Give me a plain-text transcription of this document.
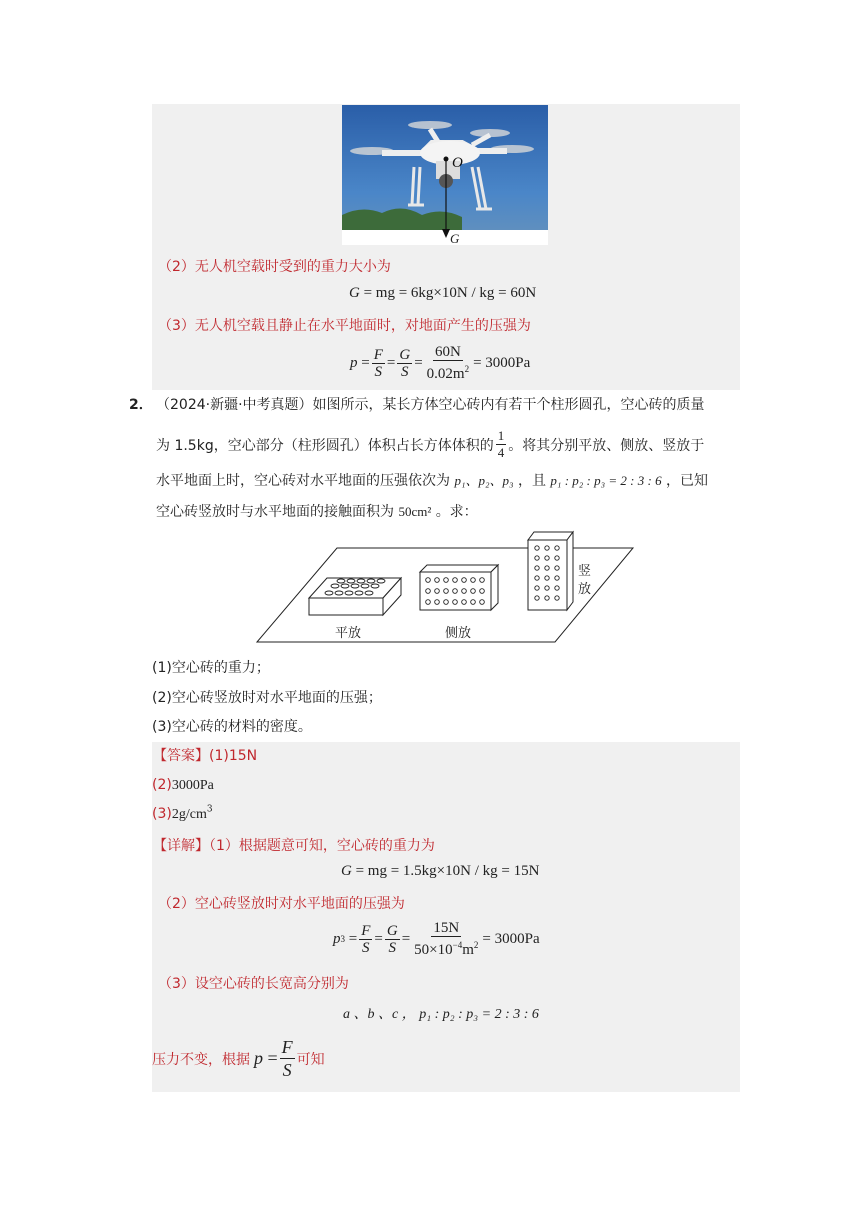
O
G
（2）无人机空载时受到的重力大小为
G = mg = 6kg×10N / kg = 60N
（3）无人机空载且静止在水平地面时，对地面产生的压强为
$p = \frac{F}{S} = \frac{G}{S} = \frac{60N}{0.02m^2} = 3000Pa$
2． （2024·新疆·中考真题）如图所示，某长方体空心砖内有若干个柱形圆孔，空心砖的质量
为 1.5kg，空心部分（柱形圆孔）体积占长方体体积的 $\frac{1}{4}$ 。将其分别平放、侧放、竖放于
水平地面上时，空心砖对水平地面的压强依次为 p₁、p₂、p₃ ，且 p₁ : p₂ : p₃ = 2 : 3 : 6 ，已知
空心砖竖放时与水平地面的接触面积为 50cm² 。求：
平放	侧放
竖
放
(1)空心砖的重力；
(2)空心砖竖放时对水平地面的压强；
(3)空心砖的材料的密度。
【答案】(1)15N
(2)3000Pa
$(3)2g/cm^3$
【详解】（1）根据题意可知，空心砖的重力为
G = mg = 1.5kg×10N / kg = 15N
（2）空心砖竖放时对水平地面的压强为
p $3 = \frac{F}{S} = \frac{G}{S} = \frac{15N}{50\times 10^{-4}m^2} = 3000Pa$
（3）设空心砖的长宽高分别为
a 、b 、c ， p₁ : p₂ : p₃ = 2 : 3 : 6
压力不变，根据 $p = \frac{F}{S}$ 可知
